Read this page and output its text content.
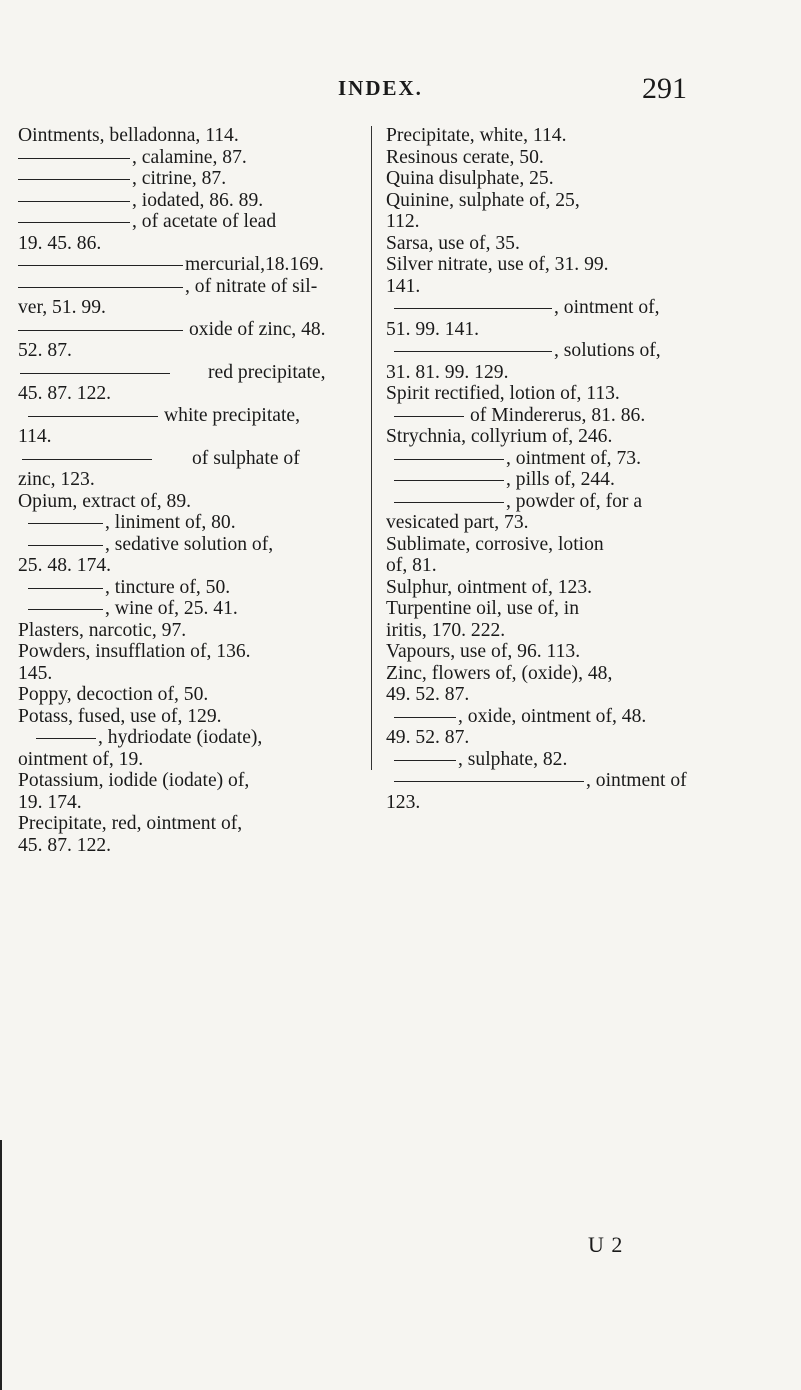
INDEX.	291
Ointments, belladonna, 114.
, calamine, 87.
, citrine, 87.
, iodated, 86. 89.
, of acetate of lead
19. 45. 86.
mercurial,18.169.
, of nitrate of sil-
ver, 51. 99.
oxide of zinc, 48.
52. 87.
red precipitate,
45. 87. 122.
white precipitate,
114.
of sulphate of
zinc, 123.
Opium, extract of, 89.
, liniment of, 80.
, sedative solution of,
25. 48. 174.
, tincture of, 50.
, wine of, 25. 41.
Plasters, narcotic, 97.
Powders, insufflation of, 136.
145.
Poppy, decoction of, 50.
Potass, fused, use of, 129.
, hydriodate (iodate),
ointment of, 19.
Potassium, iodide (iodate) of,
19. 174.
Precipitate, red, ointment of,
45. 87. 122.
Precipitate, white, 114.
Resinous cerate, 50.
Quina disulphate, 25.
Quinine, sulphate of, 25,
112.
Sarsa, use of, 35.
Silver nitrate, use of, 31. 99.
141.
, ointment of,
51. 99. 141.
, solutions of,
31. 81. 99. 129.
Spirit rectified, lotion of, 113.
of Mindererus, 81. 86.
Strychnia, collyrium of, 246.
, ointment of, 73.
, pills of, 244.
, powder of, for a
vesicated part, 73.
Sublimate, corrosive, lotion
of, 81.
Sulphur, ointment of, 123.
Turpentine oil, use of, in
iritis, 170. 222.
Vapours, use of, 96. 113.
Zinc, flowers of, (oxide), 48,
49. 52. 87.
, oxide, ointment of, 48.
49. 52. 87.
, sulphate, 82.
, ointment of
123.
U 2
